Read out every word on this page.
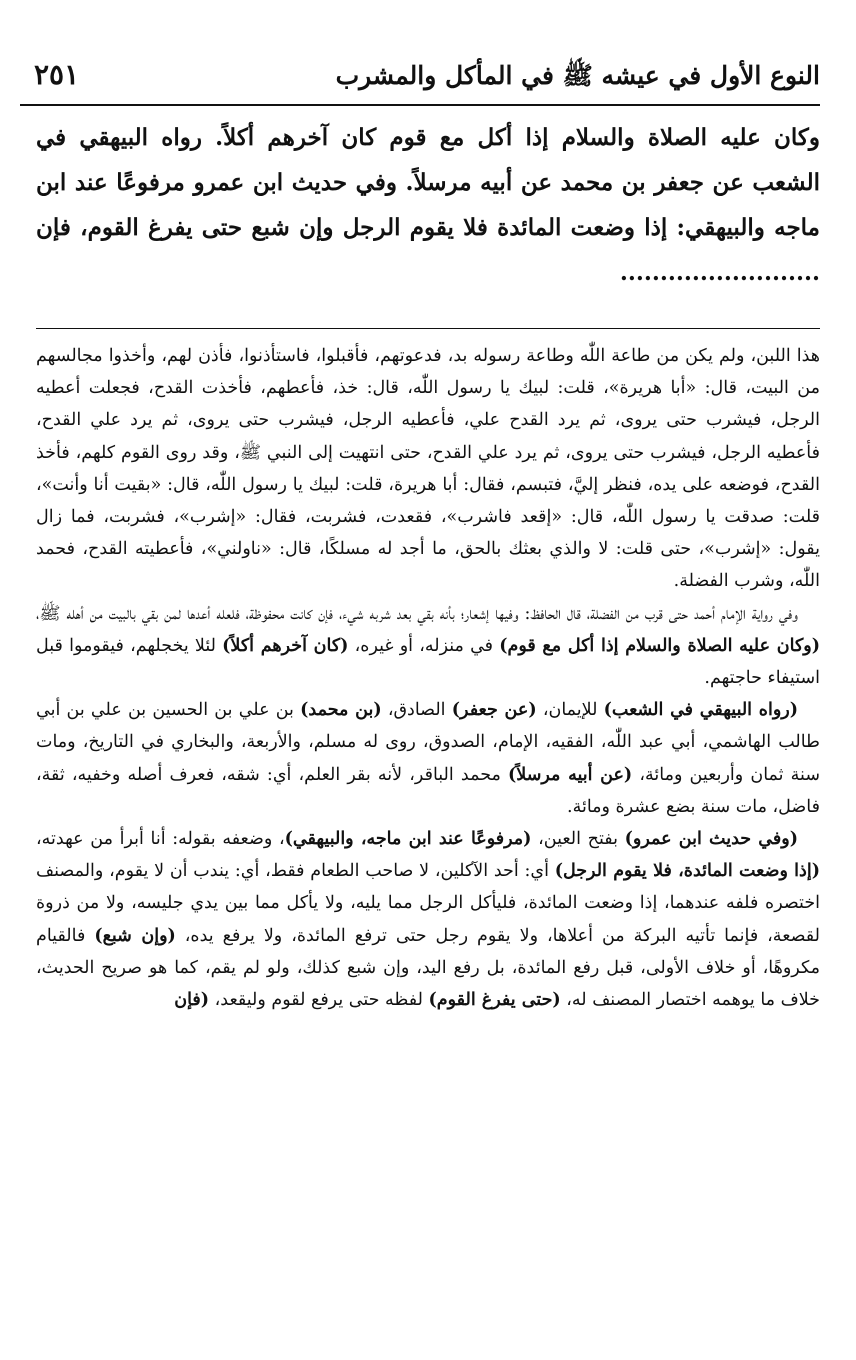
النوع الأول في عيشه ﷺ في المأكل والمشرب
٢٥١
وكان عليه الصلاة والسلام إذا أكل مع قوم كان آخرهم أكلاً. رواه البيهقي في الشعب عن جعفر بن محمد عن أبيه مرسلاً. وفي حديث ابن عمرو مرفوعًا عند ابن ماجه والبيهقي: إذا وضعت المائدة فلا يقوم الرجل وإن شبع حتى يفرغ القوم، فإن .........................

هذا اللبن، ولم يكن من طاعة اللّٰه وطاعة رسوله بد، فدعوتهم، فأقبلوا، فاستأذنوا، فأذن لهم، وأخذوا مجالسهم من البيت، قال: «أبا هريرة»، قلت: لبيك يا رسول اللّٰه، قال: خذ، فأعطهم، فأخذت القدح، فجعلت أعطيه الرجل، فيشرب حتى يروى، ثم يرد القدح علي، فأعطيه الرجل، فيشرب حتى يروى، ثم يرد علي القدح، فأعطيه الرجل، فيشرب حتى يروى، ثم يرد علي القدح، حتى انتهيت إلى النبي ﷺ، وقد روى القوم كلهم، فأخذ القدح، فوضعه على يده، فنظر إليَّ، فتبسم، فقال: أبا هريرة، قلت: لبيك يا رسول اللّٰه، قال: «بقيت أنا وأنت»، قلت: صدقت يا رسول اللّٰه، قال: «إقعد فاشرب»، فقعدت، فشربت، فقال: «إشرب»، فشربت، فما زال يقول: «إشرب»، حتى قلت: لا والذي بعثك بالحق، ما أجد له مسلكًا، قال: «ناولني»، فأعطيته القدح، فحمد اللّٰه، وشرب الفضلة.

وفي رواية الإمام أحمد حتى قرب من الفضلة، قال الحافظ: وفيها إشعار؛ بأنه بقي بعد شربه شيء، فإن كانت محفوظة، فلعله أعدها لمن بقي بالبيت من أهله ﷺ، (وكان عليه الصلاة والسلام إذا أكل مع قوم) في منزله، أو غيره، (كان آخرهم أكلاً) لئلا يخجلهم، فيقوموا قبل استيفاء حاجتهم.

(رواه البيهقي في الشعب) للإيمان، (عن جعفر) الصادق، (بن محمد) بن علي بن الحسين بن علي بن أبي طالب الهاشمي، أبي عبد اللّٰه، الفقيه، الإمام، الصدوق، روى له مسلم، والأربعة، والبخاري في التاريخ، ومات سنة ثمان وأربعين ومائة، (عن أبيه مرسلاً) محمد الباقر، لأنه بقر العلم، أي: شقه، فعرف أصله وخفيه، ثقة، فاضل، مات سنة بضع عشرة ومائة.

(وفي حديث ابن عمرو) بفتح العين، (مرفوعًا عند ابن ماجه، والبيهقي)، وضعفه بقوله: أنا أبرأ من عهدته، (إذا وضعت المائدة، فلا يقوم الرجل) أي: أحد الآكلين، لا صاحب الطعام فقط، أي: يندب أن لا يقوم، والمصنف اختصره فلفه عندهما، إذا وضعت المائدة، فليأكل الرجل مما يليه، ولا يأكل مما بين يدي جليسه، ولا من ذروة لقصعة، فإنما تأتيه البركة من أعلاها، ولا يقوم رجل حتى ترفع المائدة، ولا يرفع يده، (وإن شبع) فالقيام مكروهًا، أو خلاف الأولى، قبل رفع المائدة، بل رفع اليد، وإن شبع كذلك، ولو لم يقم، كما هو صريح الحديث، خلاف ما يوهمه اختصار المصنف له، (حتى يفرغ القوم) لفظه حتى يرفع لقوم وليقعد، (فإن
